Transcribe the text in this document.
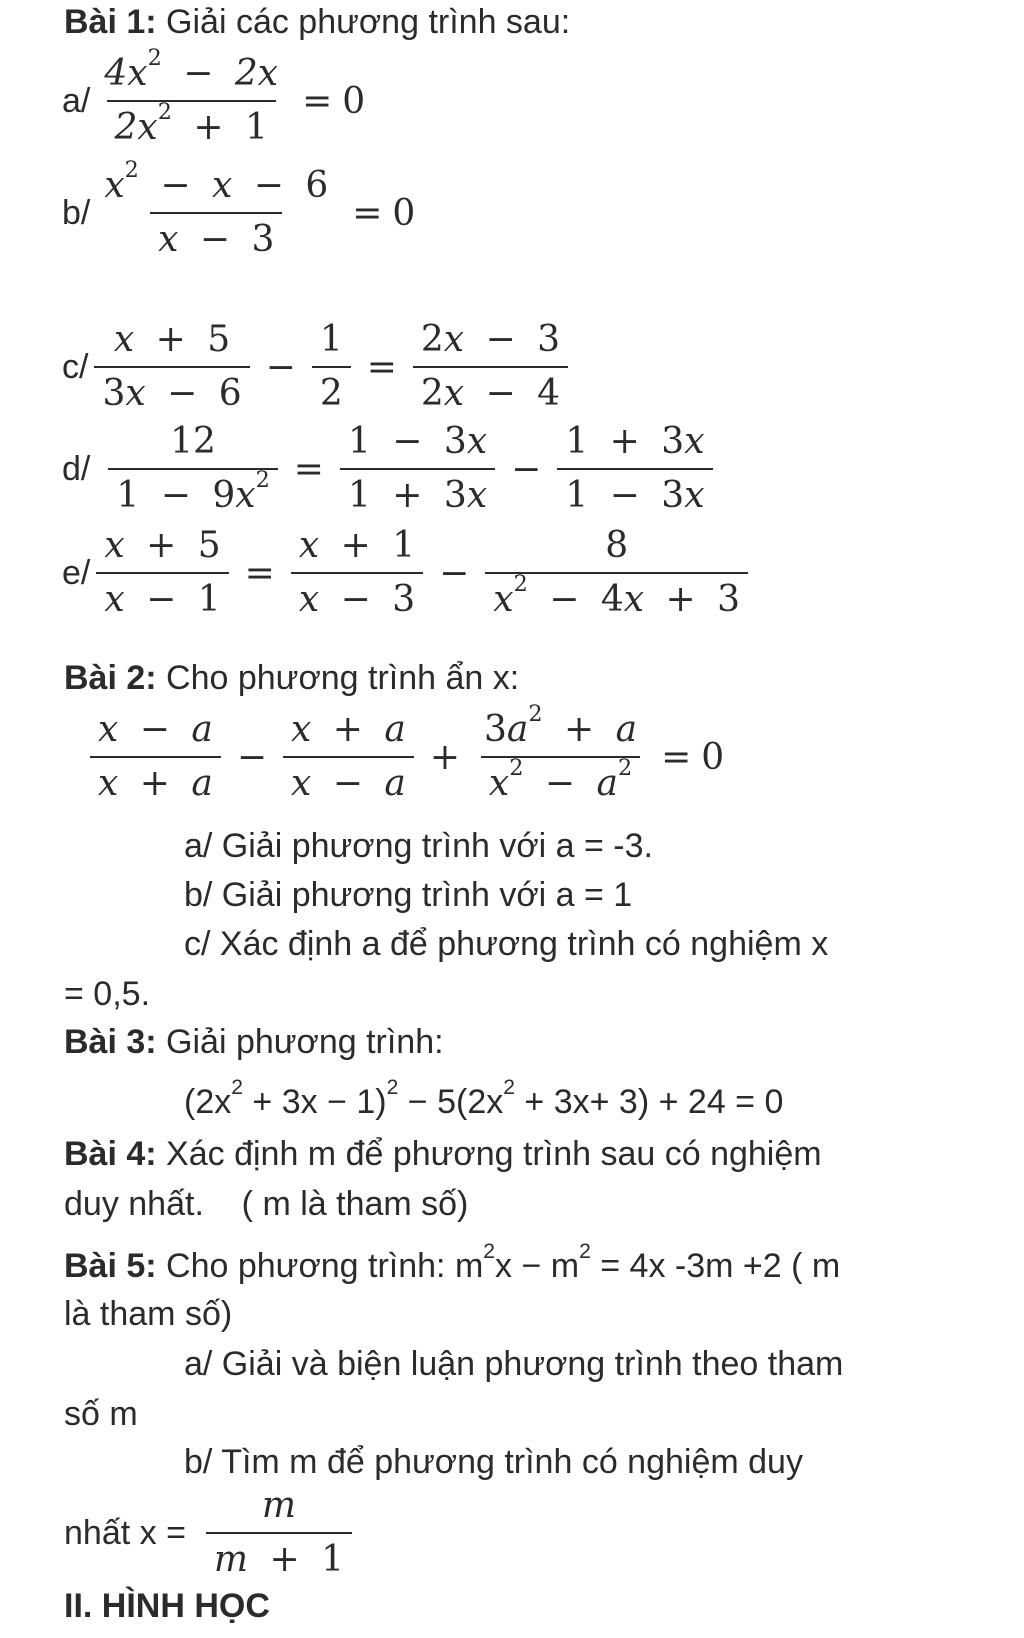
Bài 1: Giải các phương trình sau:
$a/ \frac{4x^2 - 2x}{2x^2 + 1} = 0$
$b/ \frac{x^2 - x - 6}{x - 3} = 0$
$c/ \frac{x + 5}{3x - 6} - \frac{1}{2} = \frac{2x - 3}{2x - 4}$
$d/ \frac{12}{1 - 9x^2} = \frac{1 - 3x}{1 + 3x} - \frac{1 + 3x}{1 - 3x}$
$e/ \frac{x + 5}{x - 1} = \frac{x + 1}{x - 3} - \frac{8}{x^2 - 4x + 3}$
Bài 2: Cho phương trình ẩn x:
$\frac{x - a}{x + a} - \frac{x + a}{x - a} + \frac{3a^2 + a}{x^2 - a^2} = 0$
a/ Giải phương trình với a = -3.
b/ Giải phương trình với a = 1
c/ Xác định a để phương trình có nghiệm x
= 0,5.
Bài 3: Giải phương trình:
$(2x^2 + 3x - 1)^2 - 5(2x^2 + 3x+ 3) + 24 = 0$
Bài 4: Xác định m để phương trình sau có nghiệm
duy nhất.    ( m là tham số)
Bài 5: Cho phương trình: $m^2x - m^2 = 4x$ -3m +2 ( m
là tham số)
a/ Giải và biện luận phương trình theo tham
số m
b/ Tìm m để phương trình có nghiệm duy
nhất $x = \frac{m}{m + 1}$
II. HÌNH HỌC
